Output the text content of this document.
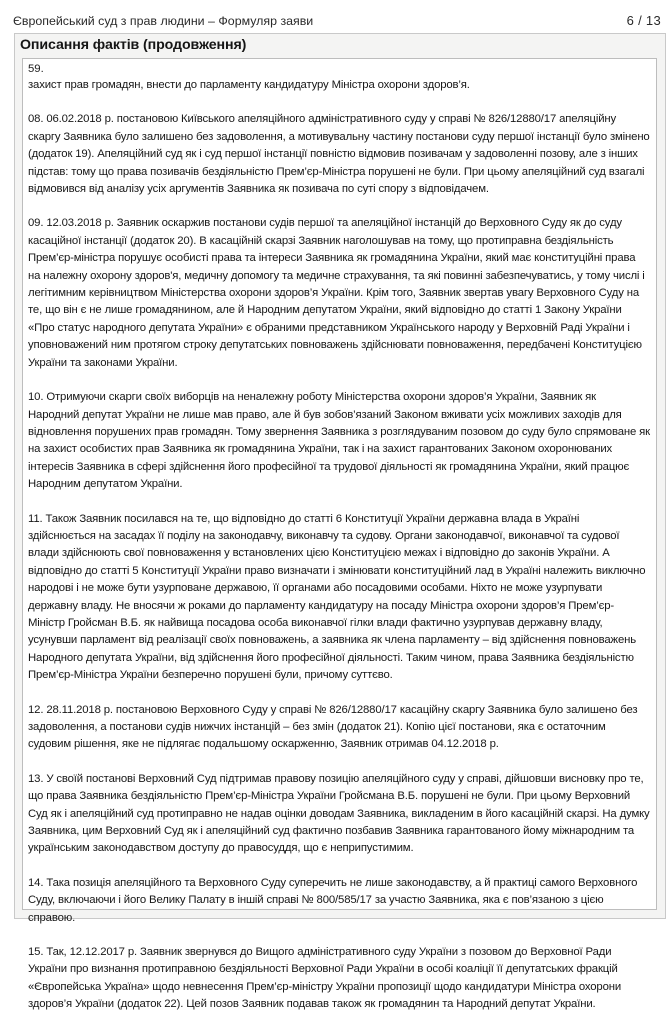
Європейський суд з прав людини – Формуляр заяви	6 / 13
Описання фактів (продовження)

59.

захист прав громадян, внести до парламенту кандидатуру Міністра охорони здоров’я.

08. 06.02.2018 р. постановою Київського апеляційного адміністративного суду у справі № 826/12880/17 апеляційну скаргу Заявника було залишено без задоволення, а мотивувальну частину постанови суду першої інстанції було змінено (додаток 19). Апеляційний суд як і суд першої інстанції повністю відмовив позивачам у задоволенні позову, але з інших підстав: тому що права позивачів бездіяльністю Прем’єр-Міністра порушені не були. При цьому апеляційний суд взагалі відмовився від аналізу усіх аргументів Заявника як позивача по суті спору з відповідачем.

09. 12.03.2018 р. Заявник оскаржив постанови судів першої та апеляційної інстанцій до Верховного Суду як до суду касаційної інстанції (додаток 20). В касаційній скарзі Заявник наголошував на тому, що протиправна бездіяльність Прем’єр-міністра порушує особисті права та інтереси Заявника як громадянина України, який має конституційні права на належну охорону здоров'я, медичну допомогу та медичне страхування, та які повинні забезпечуватись, у тому числі і легітимним керівництвом Міністерства охорони здоров’я України. Крім того, Заявник звертав увагу Верховного Суду на те, що він є не лише громадянином, але й Народним депутатом України, який відповідно до статті 1 Закону України «Про статус народного депутата України» є обраними представником Українського народу у Верховній Раді України і уповноважений ним протягом строку депутатських повноважень здійснювати повноваження, передбачені Конституцією України та законами України.

10. Отримуючи скарги своїх виборців на неналежну роботу Міністерства охорони здоров’я України, Заявник як Народний депутат України не лише мав право, але й був зобов’язаний Законом вживати усіх можливих заходів для відновлення порушених прав громадян. Тому звернення Заявника з розглядуваним позовом до суду було спрямоване як на захист особистих прав Заявника як громадянина України, так і на захист гарантованих Законом охоронюваних інтересів Заявника в сфері здійснення його професійної та трудової діяльності як громадянина України, який працює Народним депутатом України.

11. Також Заявник посилався на те, що відповідно до статті 6 Конституції України державна влада в Україні здійснюється на засадах її поділу на законодавчу, виконавчу та судову. Органи законодавчої, виконавчої та судової влади здійснюють свої повноваження у встановлених цією Конституцією межах і відповідно до законів України. А відповідно до статті 5 Конституції України право визначати і змінювати конституційний лад в Україні належить виключно народові і не може бути узурповане державою, її органами або посадовими особами. Ніхто не може узурпувати державну владу. Не вносячи ж роками до парламенту кандидатуру на посаду Міністра охорони здоров’я Прем’єр-Міністр Гройсман В.Б. як найвища посадова особа виконавчої гілки влади фактично узурпував державну владу, усунувши парламент від реалізації своїх повноважень, а заявника як члена парламенту – від здійснення повноважень Народного депутата України, від здійснення його професійної діяльності. Таким чином, права Заявника бездіяльністю Прем’єр-Міністра України безперечно порушені були, причому суттєво.

12. 28.11.2018 р. постановою Верховного Суду у справі № 826/12880/17 касаційну скаргу Заявника було залишено без задоволення, а постанови судів нижчих інстанцій – без змін (додаток 21). Копію цієї постанови, яка є остаточним судовим рішення, яке не підлягає подальшому оскарженню, Заявник отримав 04.12.2018 р.

13. У своїй постанові Верховний Суд підтримав правову позицію апеляційного суду у справі, дійшовши висновку про те, що права Заявника бездіяльністю Прем’єр-Міністра України Гройсмана В.Б. порушені не були. При цьому Верховний Суд як і апеляційний суд протиправно не надав оцінки доводам Заявника, викладеним в його касаційній скарзі. На думку Заявника, цим Верховний Суд як і апеляційний суд фактично позбавив Заявника гарантованого йому міжнародним та українським законодавством доступу до правосуддя, що є неприпустимим.

14. Така позиція апеляційного та Верховного Суду суперечить не лише законодавству, а й практиці самого Верховного Суду, включаючи і його Велику Палату в іншій справі № 800/585/17 за участю Заявника, яка є пов’язаною з цією справою.

15. Так, 12.12.2017 р. Заявник звернувся до Вищого адміністративного суду України з позовом до Верховної Ради України про визнання протиправною бездіяльності Верховної Ради України в особі коаліції її депутатських фракцій «Європейська Україна» щодо невнесення Прем’єр-міністру України пропозиції щодо кандидатури Міністра охорони здоров’я України (додаток 22). Цей позов Заявник подавав також як громадянин та Народний депутат України.
